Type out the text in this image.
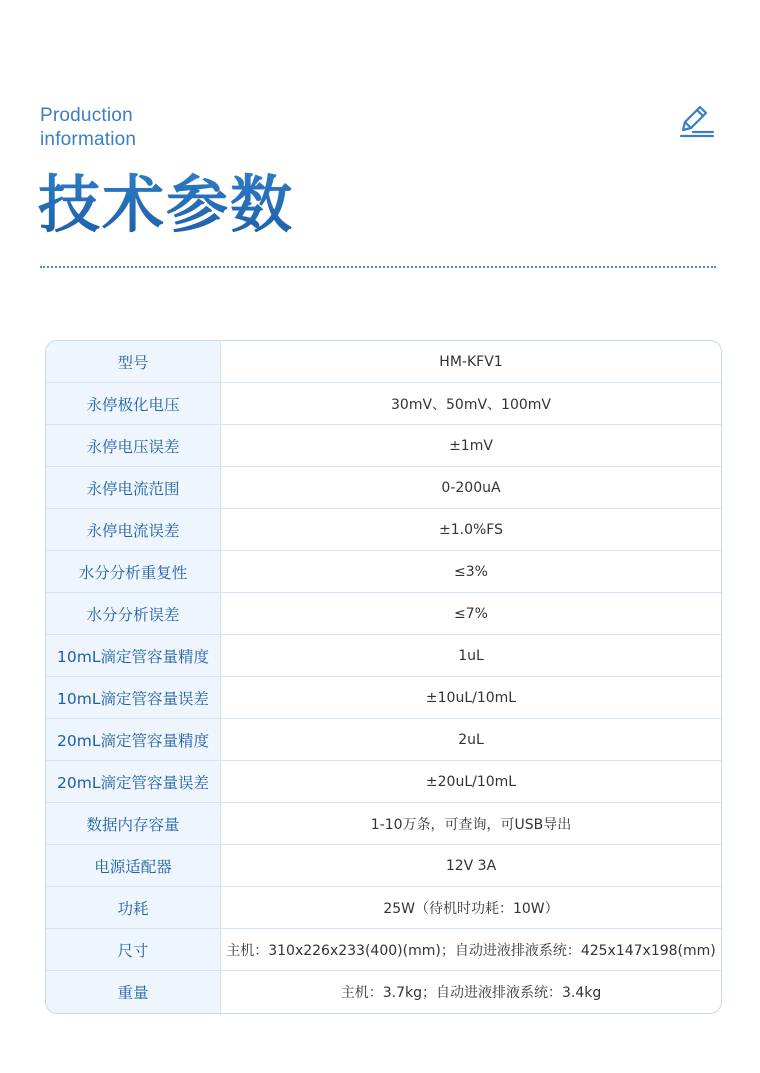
Production
information
技术参数
型号	HM-KFV1
永停极化电压	30mV、50mV、100mV
永停电压误差	±1mV
永停电流范围	0-200uA
永停电流误差	±1.0%FS
水分分析重复性	≤3%
水分分析误差	≤7%
10mL滴定管容量精度	1uL
10mL滴定管容量误差	±10uL/10mL
20mL滴定管容量精度	2uL
20mL滴定管容量误差	±20uL/10mL
数据内存容量	1-10万条，可查询，可USB导出
电源适配器	12V 3A
功耗	25W（待机时功耗：10W）
尺寸	主机：310x226x233(400)(mm)；自动进液排液系统：425x147x198(mm)
重量	主机：3.7kg；自动进液排液系统：3.4kg
